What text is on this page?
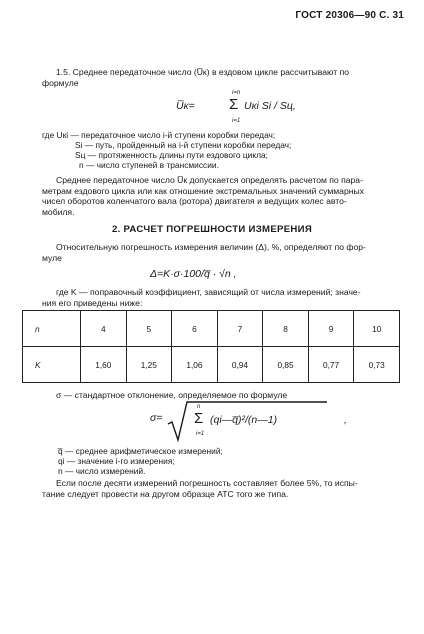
ГОСТ 20306—90 С. 31
1.5. Среднее передаточное число (U̅к) в ездовом цикле рассчитывают по
формуле
i=n
U̅к= Σ Uкi Si / Sц,
i=1
где Uкi — передаточное число i-й ступени коробки передач;
Si — путь, пройденный на i-й ступени коробки передач;
Sц — протяженность длины пути ездового цикла;
n — число ступеней в трансмиссии.
Среднее передаточное число U̅к допускается определять расчетом по пара-
метрам ездового цикла или как отношение экстремальных значений суммарных
чисел оборотов коленчатого вала (ротора) двигателя и ведущих колес авто-
мобиля.
2. РАСЧЕТ ПОГРЕШНОСТИ ИЗМЕРЕНИЯ
Относительную погрешность измерения величин (Δ), %, определяют по фор-
муле
Δ=K·σ·100/q̅ · √n ,
где K — поправочный коэффициент, зависящий от числа измерений; значе-
ния его приведены ниже:
n	4	5	6	7	8	9	10
K	1,60	1,25	1,06	0,94	0,85	0,77	0,73
σ — стандартное отклонение, определяемое по формуле
σ=
n
Σ (qi—q̅)²/(n—1)
i=1
,
q̅ — среднее арифметическое измерений;
qi — значение i-го измерения;
n — число измерений.
Если после десяти измерений погрешность составляет более 5%, то испы-
тание следует провести на другом образце АТС того же типа.
